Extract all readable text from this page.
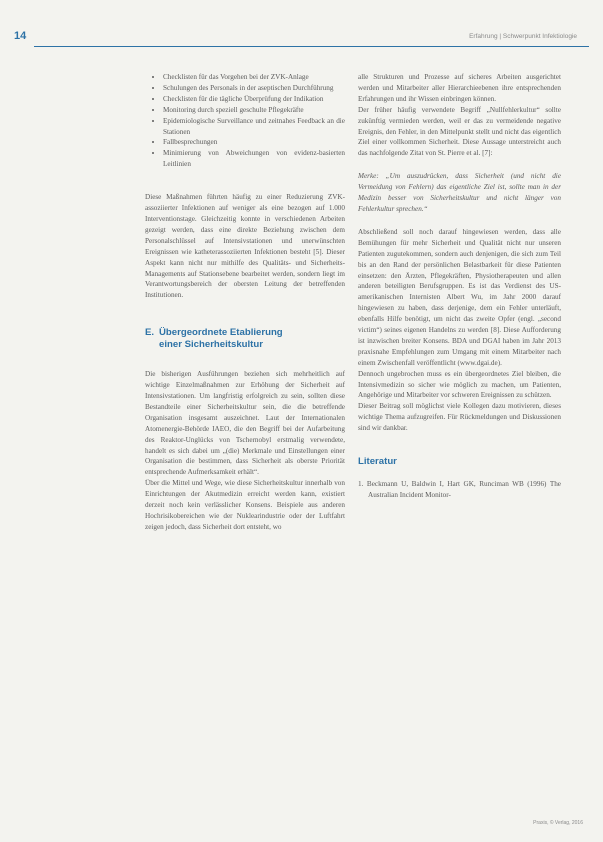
14	Erfahrung | Schwerpunkt Infektiologie
• Checklisten für das Vorgehen bei der ZVK-Anlage
• Schulungen des Personals in der aseptischen Durchführung
• Checklisten für die tägliche Überprüfung der Indikation
• Monitoring durch speziell geschulte Pflegekräfte
• Epidemiologische Surveillance und zeitnahes Feedback an die Stationen
• Fallbesprechungen
• Minimierung von Abweichungen von evidenz-basierten Leitlinien

Diese Maßnahmen führten häufig zu einer Reduzierung ZVK-assoziierter Infektionen auf weniger als eine bezogen auf 1.000 Interventionstage. Gleichzeitig konnte in verschiedenen Arbeiten gezeigt werden, dass eine direkte Beziehung zwischen dem Personalschlüssel auf Intensivstationen und unerwünschten Ereignissen wie katheterassoziierten Infektionen besteht [5]. Dieser Aspekt kann nicht nur mithilfe des Qualitäts- und Sicherheits-Managements auf Stationsebene bearbeitet werden, sondern liegt im Verantwortungsbereich der obersten Leitung der betreffenden Institutionen.

E. Übergeordnete Etablierung
einer Sicherheitskultur

Die bisherigen Ausführungen beziehen sich mehrheitlich auf wichtige Einzelmaßnahmen zur Erhöhung der Sicherheit auf Intensivstationen. Um langfristig erfolgreich zu sein, sollten diese Bestandteile einer Sicherheitskultur sein, die die betreffende Organisation insgesamt auszeichnet. Laut der Internationalen Atomenergie-Behörde IAEO, die den Begriff bei der Aufarbeitung des Reaktor-Unglücks von Tschernobyl erstmalig verwendete, handelt es sich dabei um „(die) Merkmale und Einstellungen einer Organisation die bestimmen, dass Sicherheit als oberste Priorität entsprechende Aufmerksamkeit erhält“.

Über die Mittel und Wege, wie diese Sicherheitskultur innerhalb von Einrichtungen der Akutmedizin erreicht werden kann, existiert derzeit noch kein verlässlicher Konsens. Beispiele aus anderen Hochrisikobereichen wie der Nuklearindustrie oder der Luftfahrt zeigen jedoch, dass Sicherheit dort entsteht, wo

alle Strukturen und Prozesse auf sicheres Arbeiten ausgerichtet werden und Mitarbeiter aller Hierarchieebenen ihre entsprechenden Erfahrungen und ihr Wissen einbringen können.

Der früher häufig verwendete Begriff „Nullfehlerkultur“ sollte zukünftig vermieden werden, weil er das zu vermeidende negative Ereignis, den Fehler, in den Mittelpunkt stellt und nicht das eigentlich Ziel einer vollkommen Sicherheit. Diese Aussage unterstreicht auch das nachfolgende Zitat von St. Pierre et al. [7]:

Merke: „Um auszudrücken, dass Sicherheit (und nicht die Vermeidung von Fehlern) das eigentliche Ziel ist, sollte man in der Medizin besser von Sicherheitskultur und nicht länger von Fehlerkultur sprechen.“

Abschließend soll noch darauf hingewiesen werden, dass alle Bemühungen für mehr Sicherheit und Qualität nicht nur unseren Patienten zugutekommen, sondern auch denjenigen, die sich zum Teil bis an den Rand der persönlichen Belastbarkeit für diese Patienten einsetzen: den Ärzten, Pflegekräften, Physiotherapeuten und allen anderen beteiligten Berufsgruppen. Es ist das Verdienst des US-amerikanischen Internisten Albert Wu, im Jahr 2000 darauf hingewiesen zu haben, dass derjenige, dem ein Fehler unterläuft, ebenfalls Hilfe benötigt, um nicht das zweite Opfer (engl. „second victim“) seines eigenen Handelns zu werden [8]. Diese Aufforderung ist inzwischen breiter Konsens. BDA und DGAI haben im Jahr 2013 praxisnahe Empfehlungen zum Umgang mit einem Mitarbeiter nach einem Zwischenfall veröffentlicht (www.dgai.de).

Dennoch ungebrochen muss es ein übergeordnetes Ziel bleiben, die Intensivmedizin so sicher wie möglich zu machen, um Patienten, Angehörige und Mitarbeiter vor schweren Ereignissen zu schützen.

Dieser Beitrag soll möglichst viele Kollegen dazu motivieren, dieses wichtige Thema aufzugreifen. Für Rückmeldungen und Diskussionen sind wir dankbar.

Literatur

1. Beckmann U, Baldwin I, Hart GK, Runciman WB (1996) The Australian Incident Monitor-

Praxis, © Verlag, 2016
